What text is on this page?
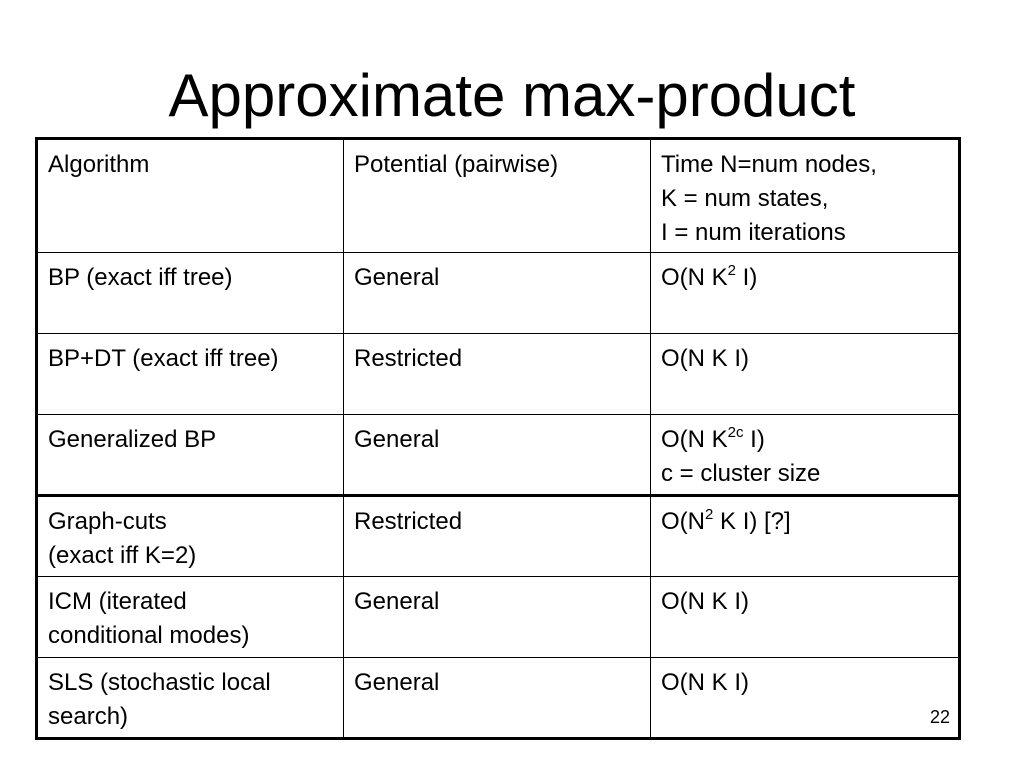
Approximate max-product
Algorithm	Potential (pairwise)	Time N=num nodes,
K = num states,
I = num iterations
BP (exact iff tree)	General	O(N $K^2$ I)
BP+DT (exact iff tree)	Restricted	O(N K I)
Generalized BP	General	O(N $K^{2c}$ I)
c = cluster size
Graph-cuts
(exact iff K=2)	Restricted	$O(N^2$ K I) [?]
ICM (iterated
conditional modes)	General	O(N K I)
SLS (stochastic local
search)	General	O(N K I)
22
